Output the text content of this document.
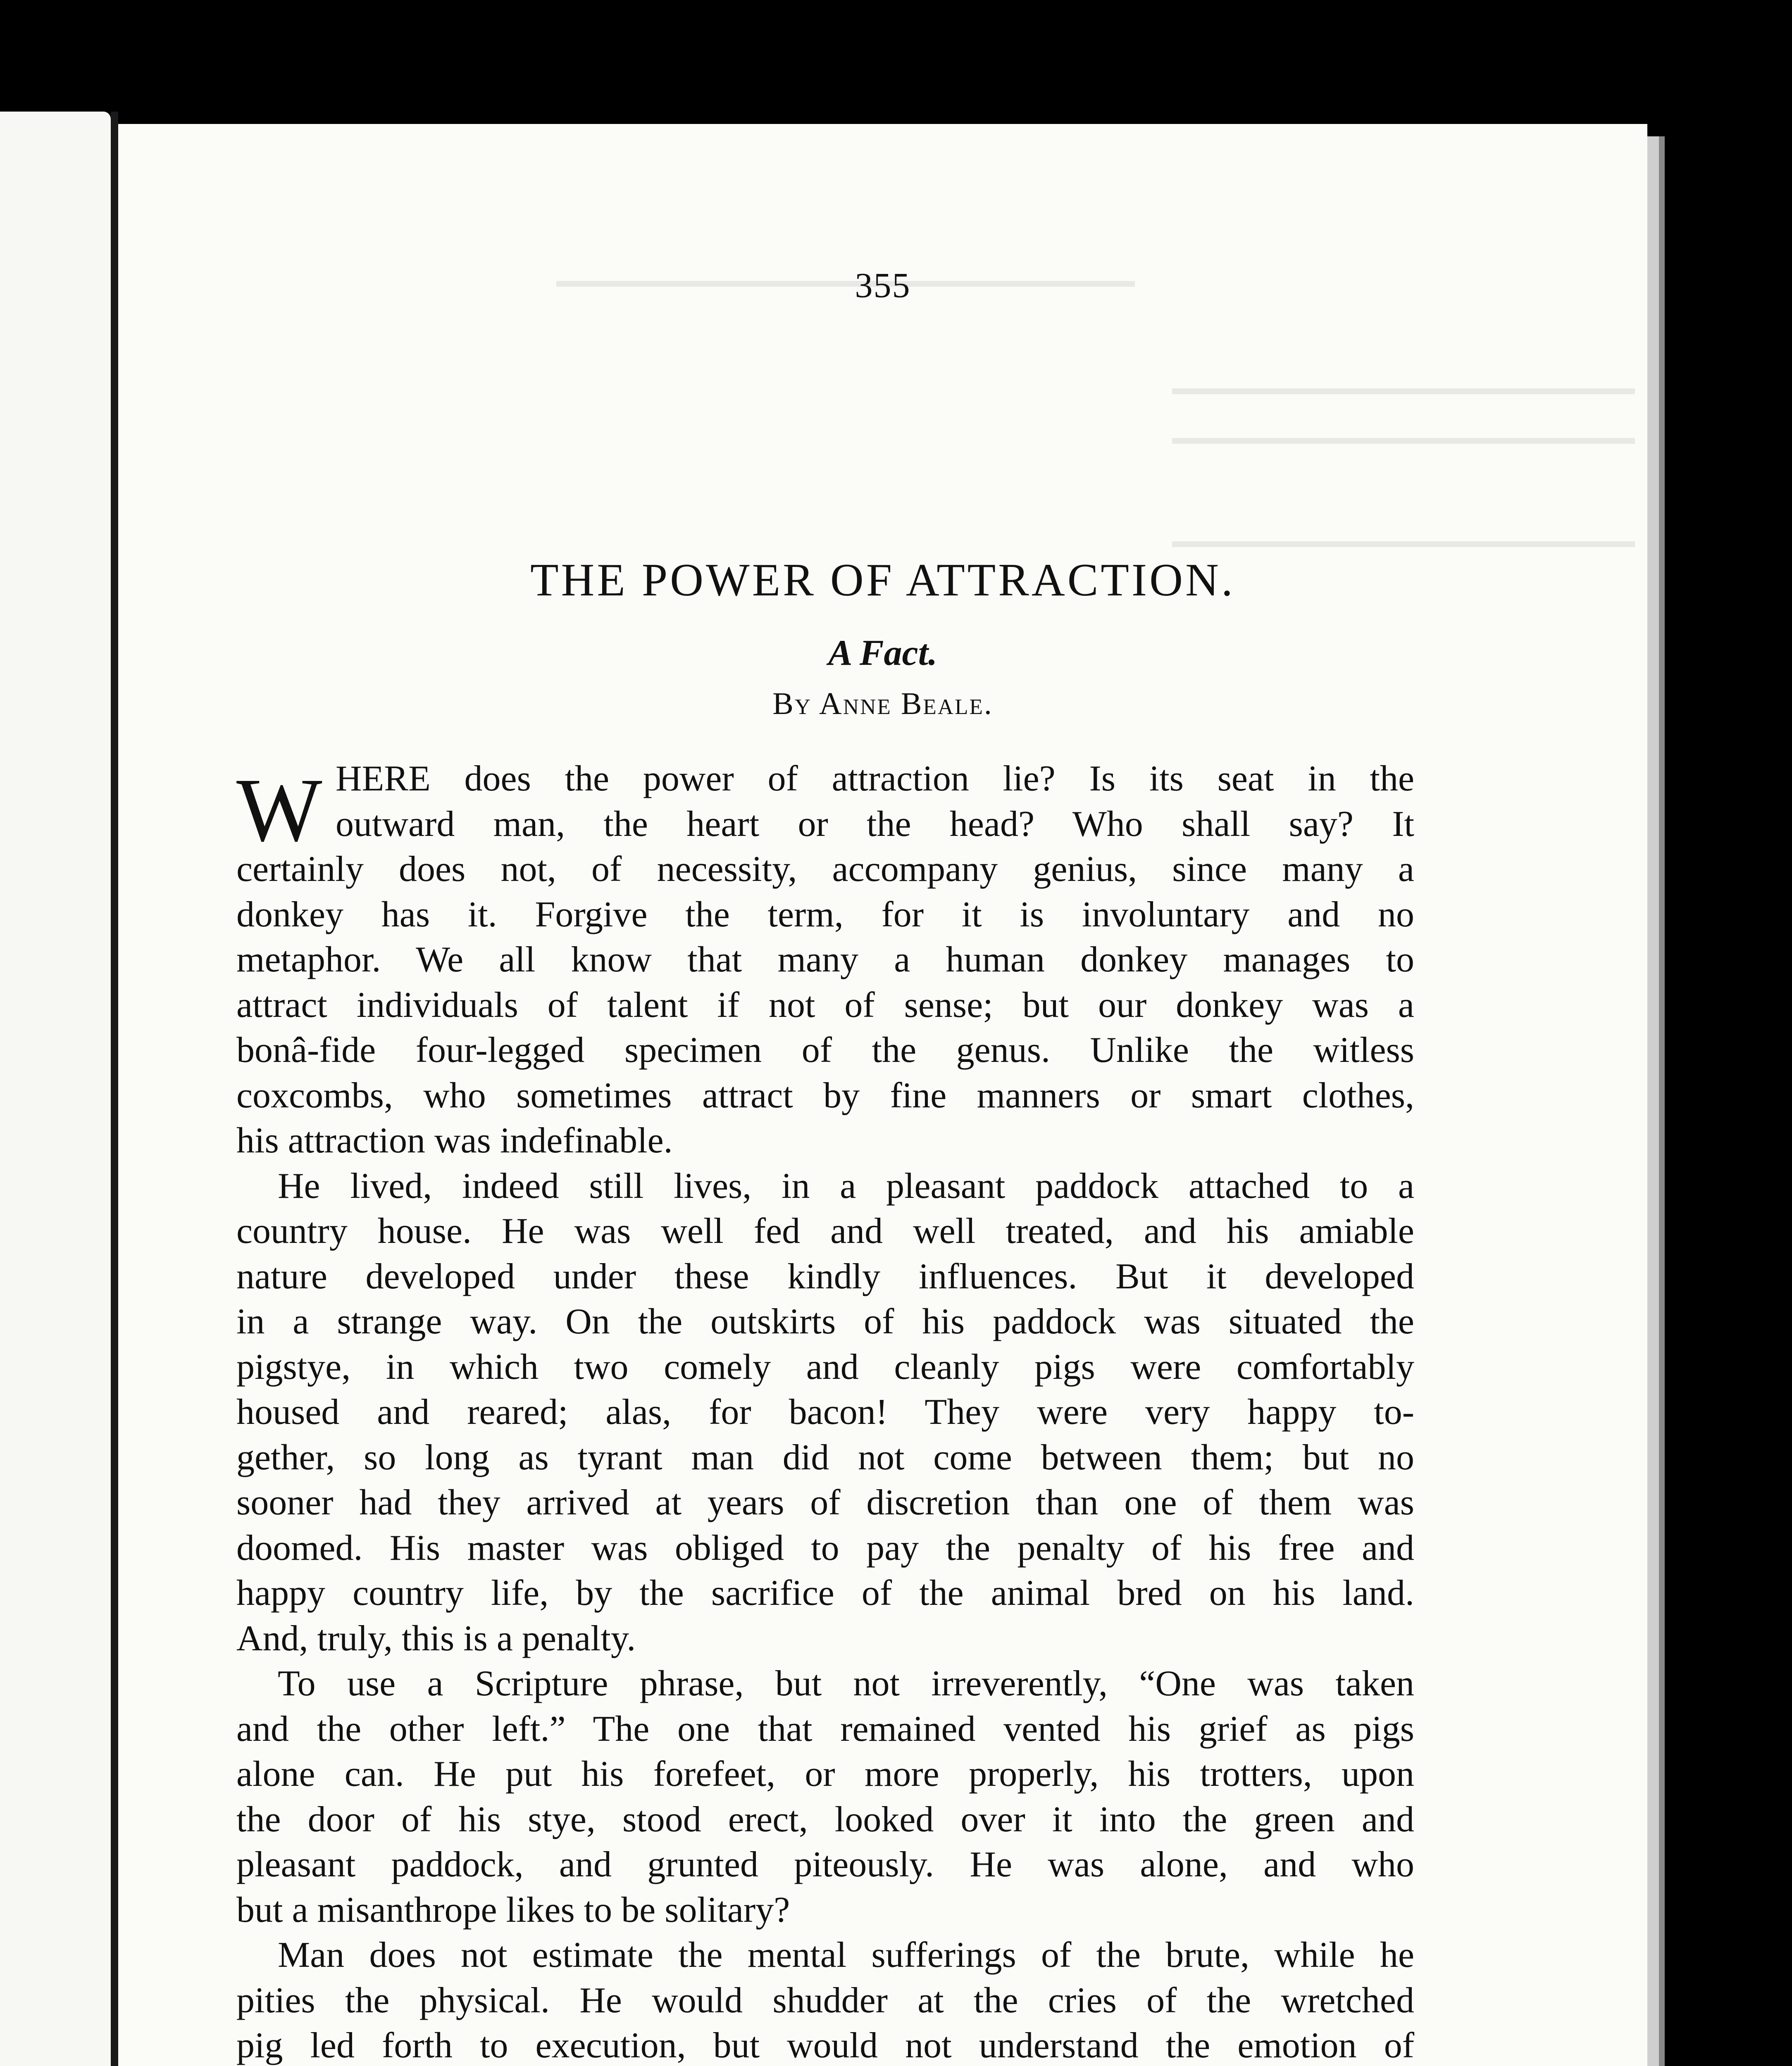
355
THE POWER OF ATTRACTION.
A Fact.
By Anne Beale.
W HERE does the power of attraction lie? Is its seat in the
outward man, the heart or the head? Who shall say? It
certainly does not, of necessity, accompany genius, since many a
donkey has it. Forgive the term, for it is involuntary and no
metaphor. We all know that many a human donkey manages to
attract individuals of talent if not of sense; but our donkey was a
bonâ-fide four-legged specimen of the genus. Unlike the witless
coxcombs, who sometimes attract by fine manners or smart clothes,
his attraction was indefinable.
He lived, indeed still lives, in a pleasant paddock attached to a
country house. He was well fed and well treated, and his amiable
nature developed under these kindly influences. But it developed
in a strange way. On the outskirts of his paddock was situated the
pigstye, in which two comely and cleanly pigs were comfortably
housed and reared; alas, for bacon! They were very happy to-
gether, so long as tyrant man did not come between them; but no
sooner had they arrived at years of discretion than one of them was
doomed. His master was obliged to pay the penalty of his free and
happy country life, by the sacrifice of the animal bred on his land.
And, truly, this is a penalty.
To use a Scripture phrase, but not irreverently, “One was taken
and the other left.” The one that remained vented his grief as pigs
alone can. He put his forefeet, or more properly, his trotters, upon
the door of his stye, stood erect, looked over it into the green and
pleasant paddock, and grunted piteously. He was alone, and who
but a misanthrope likes to be solitary?
Man does not estimate the mental sufferings of the brute, while he
pities the physical. He would shudder at the cries of the wretched
pig led forth to execution, but would not understand the emotion of
